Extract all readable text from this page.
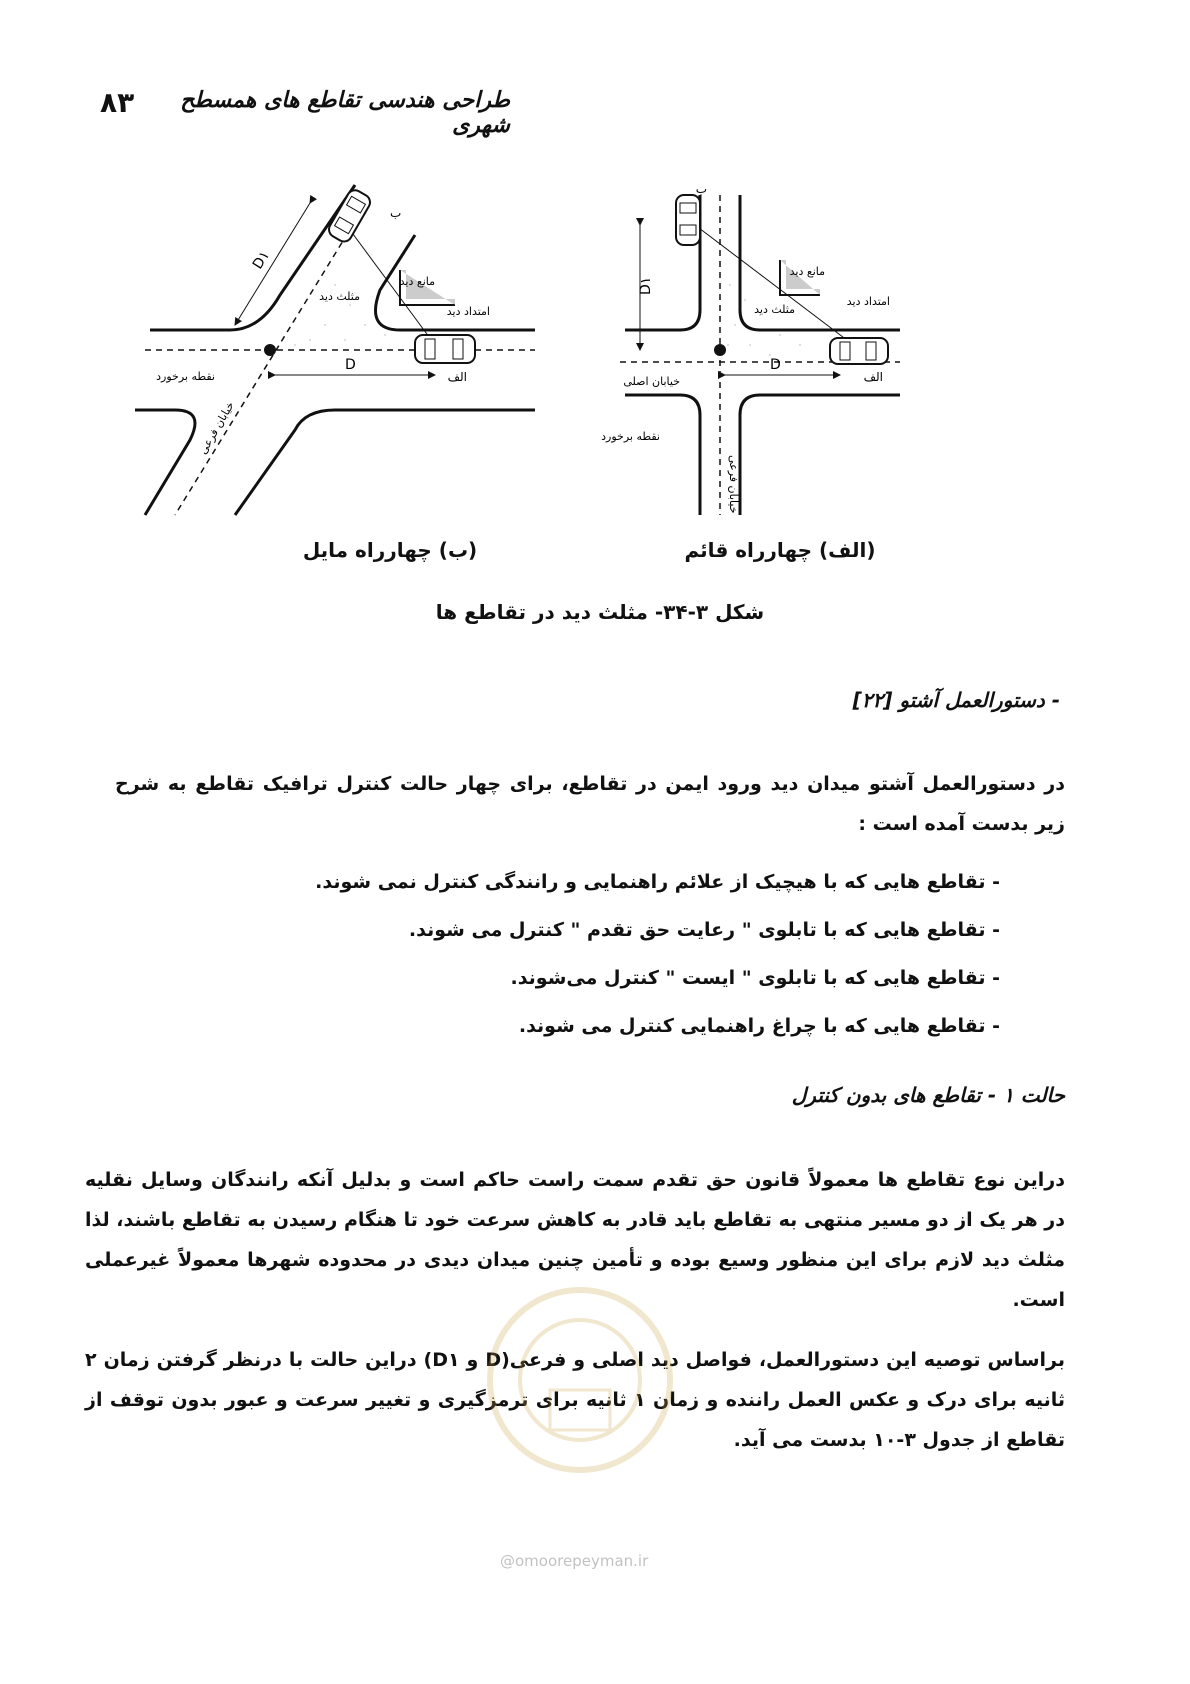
۸۳	طراحی هندسی تقاطع های همسطح شهری
D۱
D
ب
الف
مانع دید
امتداد دید
مثلث دید
خیابان اصلی
نقطه برخورد
خیابان فرعی
D۱
D
ب
الف
مانع دید
امتداد دید
مثلث دید
نقطه برخورد
خیابان فرعی
(الف) چهارراه قائم
(ب) چهارراه مایل
شکل ۳-۳۴- مثلث دید در تقاطع ها
- دستورالعمل آشتو [۲۲]
در دستورالعمل آشتو میدان دید ورود ایمن در تقاطع، برای چهار حالت کنترل ترافیک تقاطع به شرح زیر بدست آمده است :
- تقاطع هایی که با هیچیک از علائم راهنمایی و رانندگی کنترل نمی شوند.
- تقاطع هایی که با تابلوی " رعایت حق تقدم " کنترل می شوند.
- تقاطع هایی که با تابلوی " ایست " کنترل می‌شوند.
- تقاطع هایی که با چراغ راهنمایی کنترل می شوند.
حالت ۱ - تقاطع های بدون کنترل
دراین نوع تقاطع ها معمولاً قانون حق تقدم سمت راست حاکم است و بدلیل آنکه رانندگان وسایل نقلیه در هر یک از دو مسیر منتهی به تقاطع باید قادر به کاهش سرعت خود تا هنگام رسیدن به تقاطع باشند، لذا مثلث دید لازم برای این منظور وسیع بوده و تأمین چنین میدان دیدی در محدوده شهرها معمولاً غیرعملی است.
براساس توصیه این دستورالعمل، فواصل دید اصلی و فرعی(D و D۱) دراین حالت با درنظر گرفتن زمان ۲ ثانیه برای درک و عکس العمل راننده و زمان ۱ ثانیه برای ترمزگیری و تغییر سرعت و عبور بدون توقف از تقاطع از جدول ۳-۱۰ بدست می آید.
@omoorepeyman.ir
